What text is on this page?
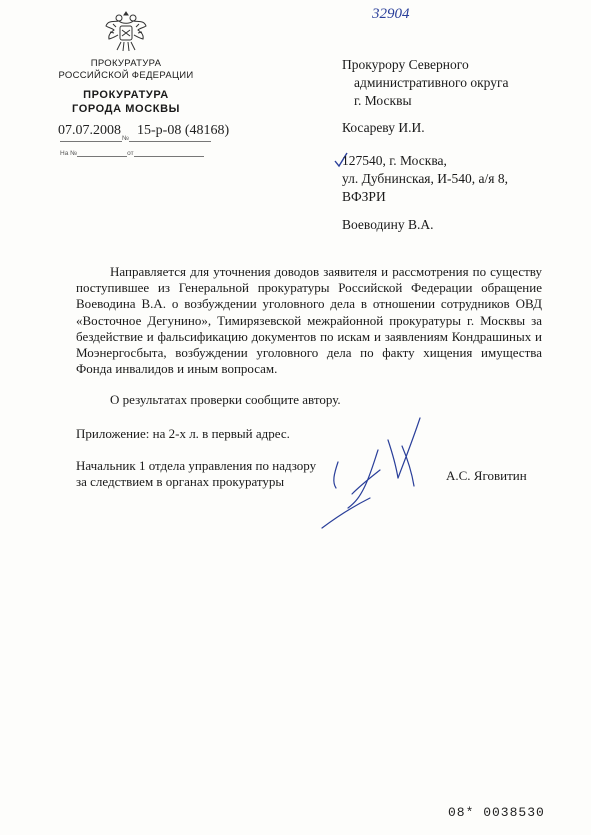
32904
ПРОКУРАТУРА
РОССИЙСКОЙ ФЕДЕРАЦИИ
ПРОКУРАТУРА
ГОРОДА МОСКВЫ
№
07.07.2008 15-р-08 (48168)
На №	от
Прокурору Северного
административного округа
г. Москвы
Косареву И.И.
127540, г. Москва,
ул. Дубнинская, И-540, а/я 8,
ВФЗРИ
Воеводину В.А.

Направляется для уточнения доводов заявителя и рассмотрения по существу поступившее из Генеральной прокуратуры Российской Федерации обращение Воеводина В.А. о возбуждении уголовного дела в отношении сотрудников ОВД «Восточное Дегунино», Тимирязевской межрайонной прокуратуры г. Москвы за бездействие и фальсификацию документов по искам и заявлениям Кондрашиных и Моэнергосбыта, возбуждении уголовного дела по факту хищения имущества Фонда инвалидов и иным вопросам.

О результатах проверки сообщите автору.
Приложение: на 2-х л. в первый адрес.
Начальник 1 отдела управления по надзору
за следствием в органах прокуратуры	А.С. Яговитин
08* 0038530
